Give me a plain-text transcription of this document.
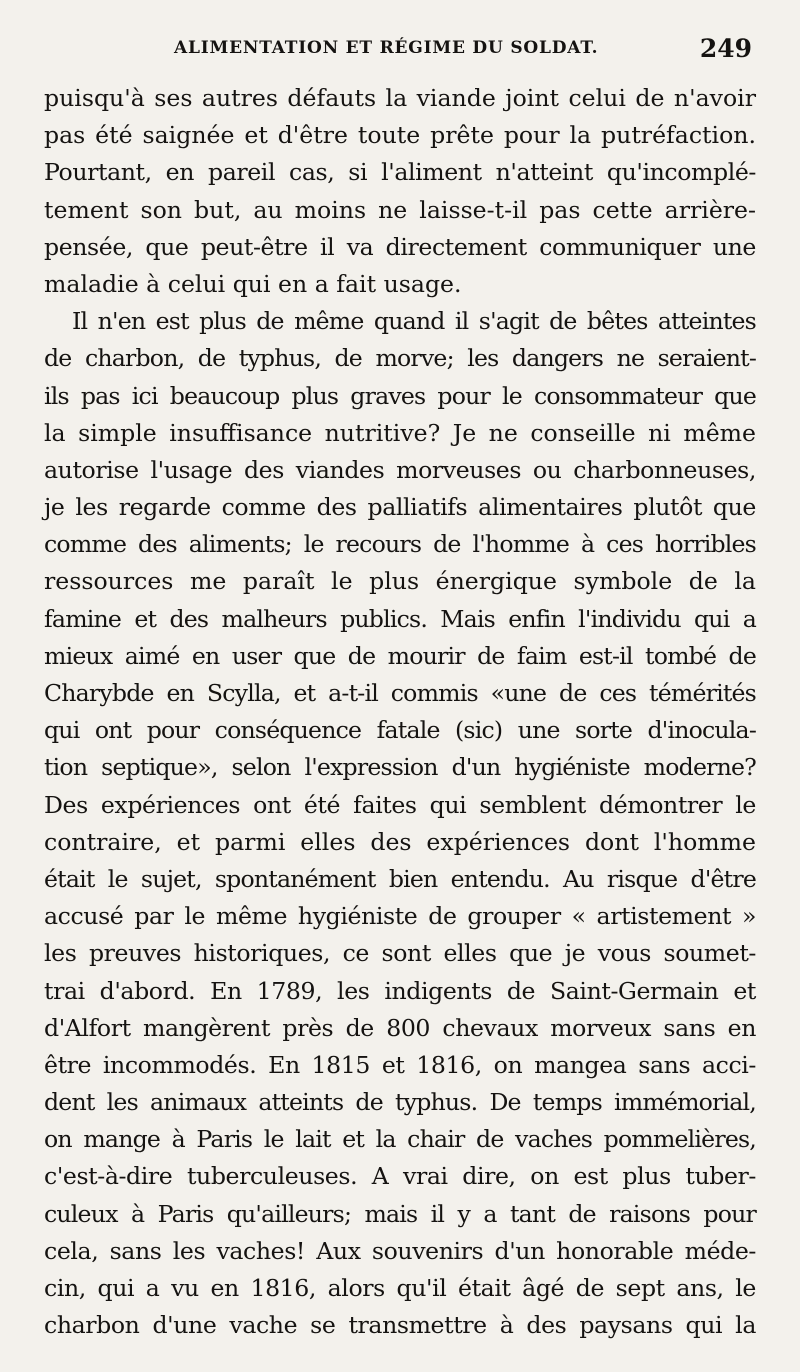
ALIMENTATION ET RÉGIME DU SOLDAT.	249
puisqu'à ses autres défauts la viande joint celui de n'avoir
pas été saignée et d'être toute prête pour la putréfaction.
Pourtant, en pareil cas, si l'aliment n'atteint qu'incomplé-
tement son but, au moins ne laisse-t-il pas cette arrière-
pensée, que peut-être il va directement communiquer une
maladie à celui qui en a fait usage.
Il n'en est plus de même quand il s'agit de bêtes atteintes
de charbon, de typhus, de morve; les dangers ne seraient-
ils pas ici beaucoup plus graves pour le consommateur que
la simple insuffisance nutritive? Je ne conseille ni même
autorise l'usage des viandes morveuses ou charbonneuses,
je les regarde comme des palliatifs alimentaires plutôt que
comme des aliments; le recours de l'homme à ces horribles
ressources me paraît le plus énergique symbole de la
famine et des malheurs publics. Mais enfin l'individu qui a
mieux aimé en user que de mourir de faim est-il tombé de
Charybde en Scylla, et a-t-il commis «une de ces témérités
qui ont pour conséquence fatale (sic) une sorte d'inocula-
tion septique», selon l'expression d'un hygiéniste moderne?
Des expériences ont été faites qui semblent démontrer le
contraire, et parmi elles des expériences dont l'homme
était le sujet, spontanément bien entendu. Au risque d'être
accusé par le même hygiéniste de grouper « artistement »
les preuves historiques, ce sont elles que je vous soumet-
trai d'abord. En 1789, les indigents de Saint-Germain et
d'Alfort mangèrent près de 800 chevaux morveux sans en
être incommodés. En 1815 et 1816, on mangea sans acci-
dent les animaux atteints de typhus. De temps immémorial,
on mange à Paris le lait et la chair de vaches pommelières,
c'est-à-dire tuberculeuses. A vrai dire, on est plus tuber-
culeux à Paris qu'ailleurs; mais il y a tant de raisons pour
cela, sans les vaches! Aux souvenirs d'un honorable méde-
cin, qui a vu en 1816, alors qu'il était âgé de sept ans, le
charbon d'une vache se transmettre à des paysans qui la
